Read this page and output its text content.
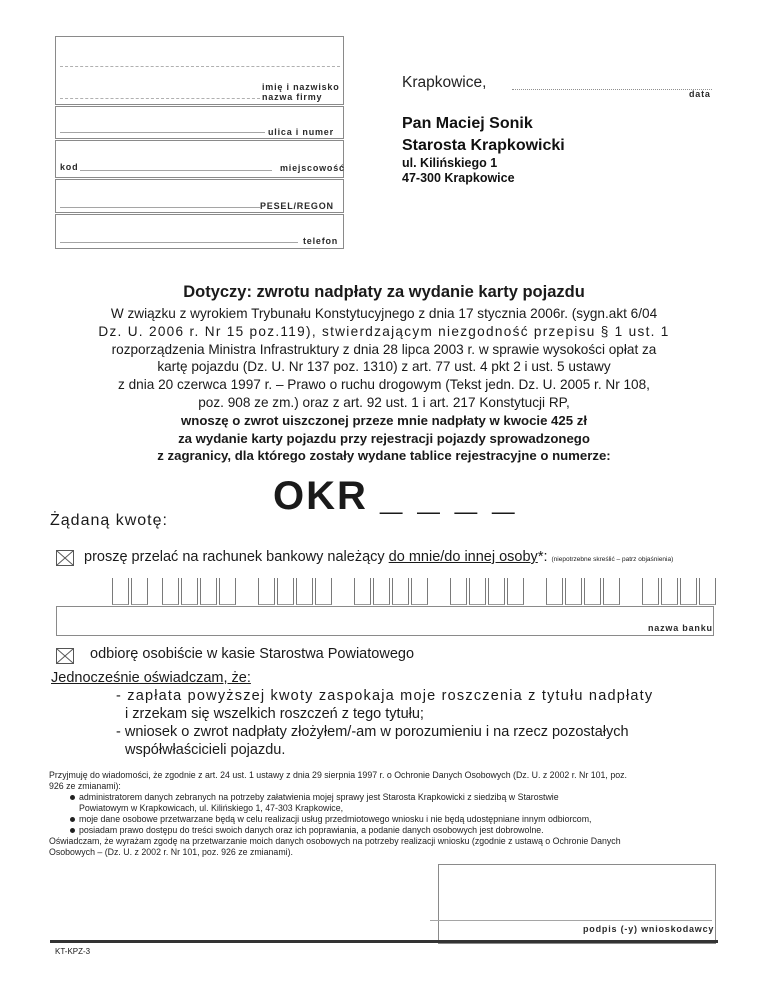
imię i nazwisko
nazwa firmy
ulica i numer
kod	miejscowość
PESEL/REGON
telefon
Krapkowice,
data
Pan Maciej Sonik
Starosta Krapkowicki
ul. Kilińskiego 1
47-300 Krapkowice
Dotyczy: zwrotu nadpłaty za wydanie karty pojazdu
W związku z wyrokiem Trybunału Konstytucyjnego z dnia 17 stycznia 2006r. (sygn.akt 6/04
Dz. U. 2006 r. Nr 15 poz.119), stwierdzającym niezgodność przepisu § 1 ust. 1
rozporządzenia Ministra Infrastruktury z dnia 28 lipca 2003 r. w sprawie wysokości opłat za
kartę pojazdu (Dz. U. Nr 137 poz. 1310) z art. 77 ust. 4 pkt 2 i ust. 5 ustawy
z dnia 20 czerwca 1997 r. – Prawo o ruchu drogowym (Tekst jedn. Dz. U. 2005 r. Nr 108,
poz. 908 ze zm.) oraz z art. 92 ust. 1 i art. 217 Konstytucji RP,
wnoszę o zwrot uiszczonej przeze mnie nadpłaty w kwocie 425 zł
za wydanie karty pojazdu przy rejestracji pojazdy sprowadzonego
z zagranicy, dla którego zostały wydane tablice rejestracyjne o numerze:
OKR _ _ _ _
Żądaną kwotę:
proszę przelać na rachunek bankowy należący do mnie/do innej osoby*: (niepotrzebne skreślić – patrz objaśnienia)
nazwa banku
odbiorę osobiście w kasie Starostwa Powiatowego
Jednocześnie oświadczam, że:
- zapłata powyższej kwoty zaspokaja moje roszczenia z tytułu nadpłaty
i zrzekam się wszelkich roszczeń z tego tytułu;
- wniosek o zwrot nadpłaty złożyłem/-am w porozumieniu i na rzecz pozostałych
współwłaścicieli pojazdu.
Przyjmuję do wiadomości, że zgodnie z art. 24 ust. 1 ustawy z dnia 29 sierpnia 1997 r. o Ochronie Danych Osobowych (Dz. U. z 2002 r. Nr 101, poz.
926 ze zmianami):
administratorem danych zebranych na potrzeby załatwienia mojej sprawy jest Starosta Krapkowicki z siedzibą w Starostwie
Powiatowym w Krapkowicach, ul. Kilińskiego 1, 47-303 Krapkowice,
moje dane osobowe przetwarzane będą w celu realizacji usług przedmiotowego wniosku i nie będą udostępniane innym odbiorcom,
posiadam prawo dostępu do treści swoich danych oraz ich poprawiania, a podanie danych osobowych jest dobrowolne.
Oświadczam, że wyrażam zgodę na przetwarzanie moich danych osobowych na potrzeby realizacji wniosku (zgodnie z ustawą o Ochronie Danych
Osobowych – (Dz. U. z 2002 r. Nr 101, poz. 926 ze zmianami).
podpis (-y) wnioskodawcy
KT-KPZ-3
